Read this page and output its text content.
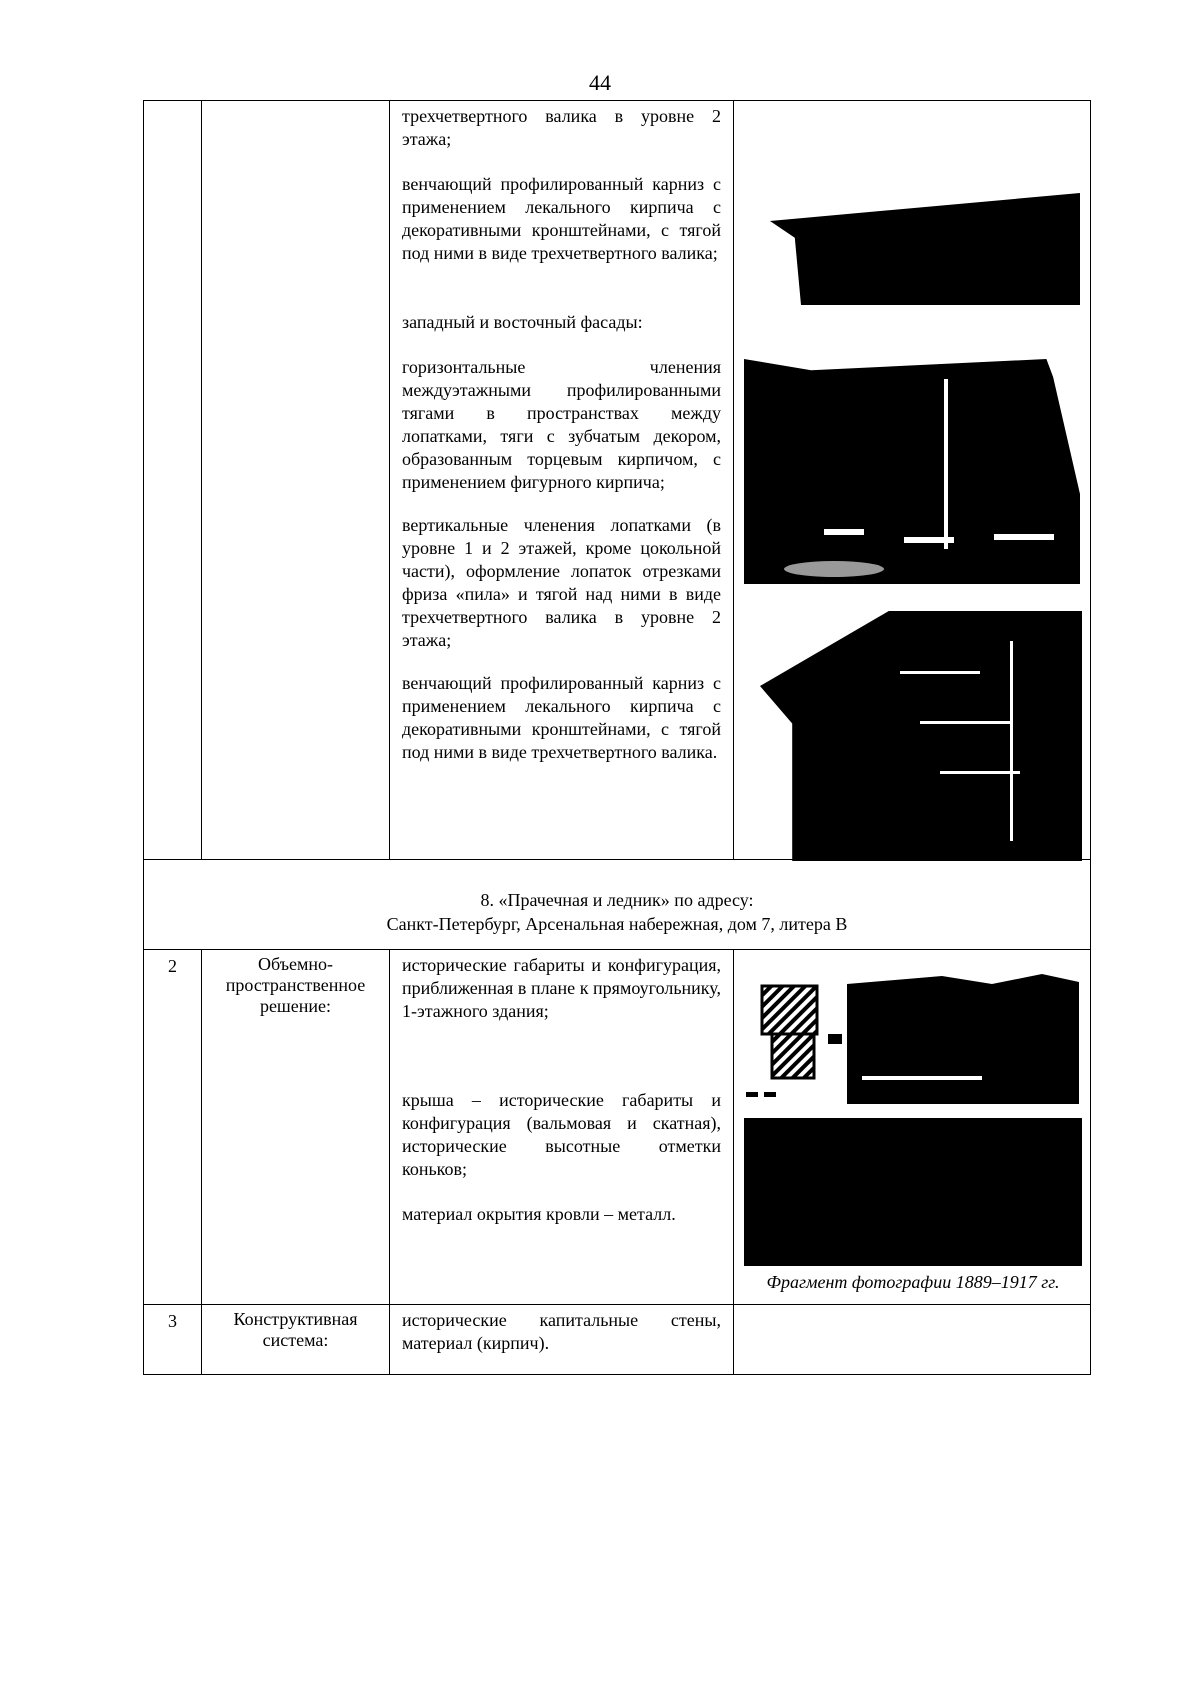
44

трехчетвертного валика в уровне 2 этажа;

венчающий профилированный карниз с применением лекального кирпича с декоративными кронштейнами, с тягой под ними в виде трехчетвертного валика;

западный и восточный фасады:

горизонтальные членения междуэтажными профилированными тягами в пространствах между лопатками, тяги с зубчатым декором, образованным торцевым кирпичом, с применением фигурного кирпича;

вертикальные членения лопатками (в уровне 1 и 2 этажей, кроме цокольной части), оформление лопаток отрезками фриза «пила» и тягой над ними в виде трехчетвертного валика в уровне 2 этажа;

венчающий профилированный карниз с применением лекального кирпича с декоративными кронштейнами, с тягой под ними в виде трехчетвертного валика.

8. «Прачечная и ледник» по адресу:
Санкт-Петербург, Арсенальная набережная, дом 7, литера В
2	Объемно-пространственное решение:

исторические габариты и конфигурация, приближенная в плане к прямоугольнику, 1-этажного здания;

крыша – исторические габариты и конфигурация (вальмовая и скатная), исторические высотные отметки коньков;

материал окрытия кровли – металл.

Фрагмент фотографии 1889–1917 гг.
3	Конструктивная система:

исторические капитальные стены, материал (кирпич).
